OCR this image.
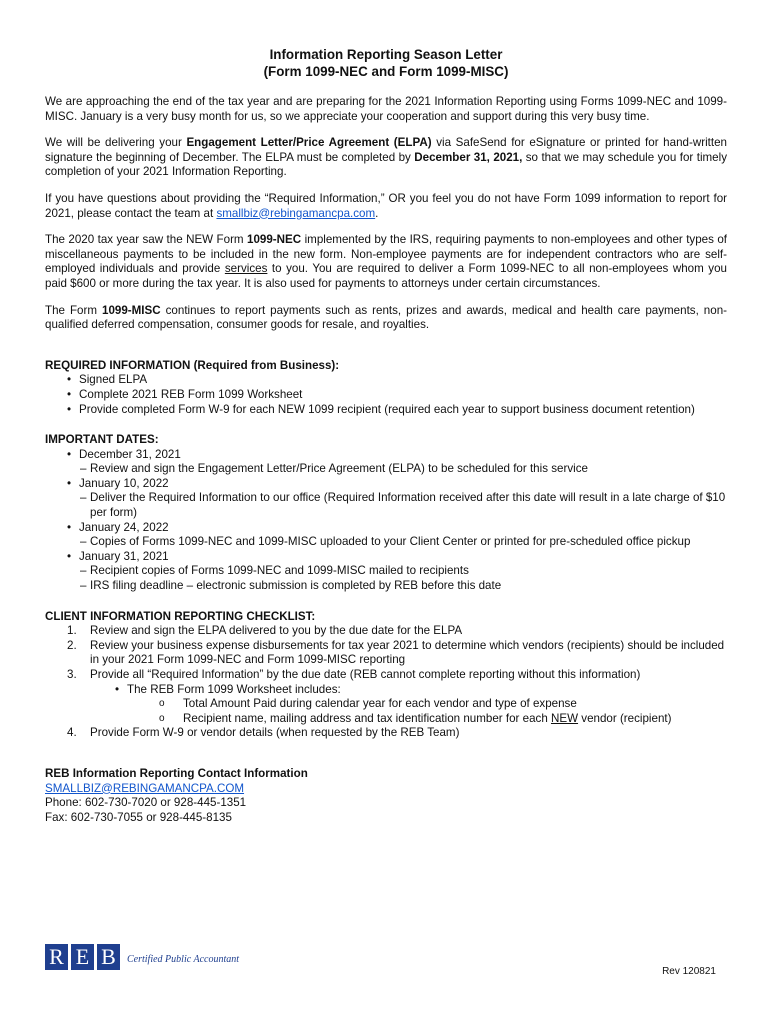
Information Reporting Season Letter
(Form 1099-NEC and Form 1099-MISC)

We are approaching the end of the tax year and are preparing for the 2021 Information Reporting using Forms 1099-NEC and 1099-MISC. January is a very busy month for us, so we appreciate your cooperation and support during this very busy time.

We will be delivering your Engagement Letter/Price Agreement (ELPA) via SafeSend for eSignature or printed for hand-written signature the beginning of December. The ELPA must be completed by December 31, 2021, so that we may schedule you for timely completion of your 2021 Information Reporting.

If you have questions about providing the “Required Information,” OR you feel you do not have Form 1099 information to report for 2021, please contact the team at smallbiz@rebingamancpa.com.

The 2020 tax year saw the NEW Form 1099-NEC implemented by the IRS, requiring payments to non-employees and other types of miscellaneous payments to be included in the new form. Non-employee payments are for independent contractors who are self-employed individuals and provide services to you. You are required to deliver a Form 1099-NEC to all non-employees whom you paid $600 or more during the tax year. It is also used for payments to attorneys under certain circumstances.

The Form 1099-MISC continues to report payments such as rents, prizes and awards, medical and health care payments, non-qualified deferred compensation, consumer goods for resale, and royalties.

REQUIRED INFORMATION (Required from Business):
• Signed ELPA
• Complete 2021 REB Form 1099 Worksheet
• Provide completed Form W-9 for each NEW 1099 recipient (required each year to support business document retention)
IMPORTANT DATES:
• December 31, 2021
– Review and sign the Engagement Letter/Price Agreement (ELPA) to be scheduled for this service
• January 10, 2022
– Deliver the Required Information to our office (Required Information received after this date will result in a late charge of $10 per form)
• January 24, 2022
– Copies of Forms 1099-NEC and 1099-MISC uploaded to your Client Center or printed for pre-scheduled office pickup
• January 31, 2021
– Recipient copies of Forms 1099-NEC and 1099-MISC mailed to recipients
– IRS filing deadline – electronic submission is completed by REB before this date
CLIENT INFORMATION REPORTING CHECKLIST:
1. Review and sign the ELPA delivered to you by the due date for the ELPA
2. Review your business expense disbursements for tax year 2021 to determine which vendors (recipients) should be included in your 2021 Form 1099-NEC and Form 1099-MISC reporting
3. Provide all “Required Information” by the due date (REB cannot complete reporting without this information)
• The REB Form 1099 Worksheet includes:
o Total Amount Paid during calendar year for each vendor and type of expense
o Recipient name, mailing address and tax identification number for each NEW vendor (recipient)
4. Provide Form W-9 or vendor details (when requested by the REB Team)
REB Information Reporting Contact Information
SMALLBIZ@REBINGAMANCPA.COM
Phone: 602-730-7020 or 928-445-1351
Fax: 602-730-7055 or 928-445-8135
R E B	Certified Public Accountant
Rev 120821
